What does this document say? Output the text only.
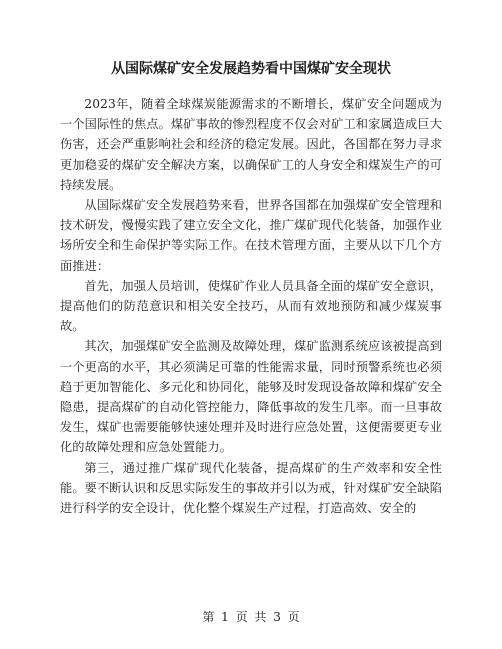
从国际煤矿安全发展趋势看中国煤矿安全现状

2023年，随着全球煤炭能源需求的不断增长，煤矿安全问题成为一个国际性的焦点。煤矿事故的惨烈程度不仅会对矿工和家属造成巨大伤害，还会严重影响社会和经济的稳定发展。因此，各国都在努力寻求更加稳妥的煤矿安全解决方案，以确保矿工的人身安全和煤炭生产的可持续发展。

从国际煤矿安全发展趋势来看，世界各国都在加强煤矿安全管理和技术研发，慢慢实践了建立安全文化，推广煤矿现代化装备，加强作业场所安全和生命保护等实际工作。在技术管理方面，主要从以下几个方面推进：

首先，加强人员培训，使煤矿作业人员具备全面的煤矿安全意识，提高他们的防范意识和相关安全技巧，从而有效地预防和减少煤炭事故。

其次，加强煤矿安全监测及故障处理，煤矿监测系统应该被提高到一个更高的水平，其必须满足可靠的性能需求量，同时预警系统也必须趋于更加智能化、多元化和协同化，能够及时发现设备故障和煤矿安全隐患，提高煤矿的自动化管控能力，降低事故的发生几率。而一旦事故发生，煤矿也需要能够快速处理并及时进行应急处置，这便需要更专业化的故障处理和应急处置能力。

第三，通过推广煤矿现代化装备，提高煤矿的生产效率和安全性能。要不断认识和反思实际发生的事故并引以为戒，针对煤矿安全缺陷进行科学的安全设计，优化整个煤炭生产过程，打造高效、安全的

第 1 页 共 3 页
